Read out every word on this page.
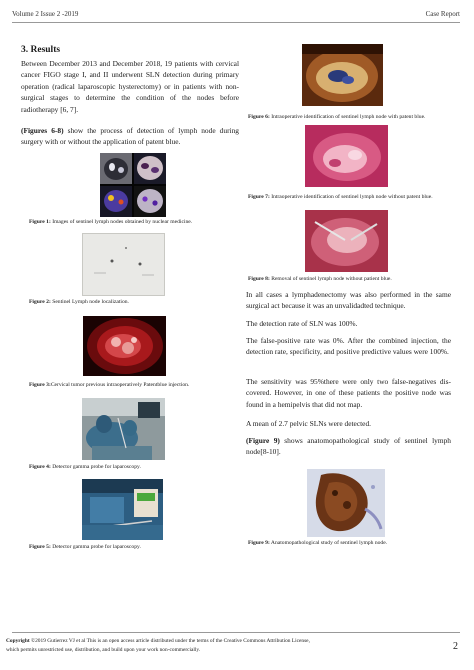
Volume 2 Issue 2 -2019	Case Report
3. Results
Between December 2013 and December 2018, 19 patients with cervical cancer FIGO stage I, and II underwent SLN detection during primary operation (radical laparoscopic hysterectomy) or in patients with non-surgical stages to determine the condition of the nodes before radiotherapy [6, 7].
(Figures 6-8) show the process of detection of lymph node during surgery with or without the application of patent blue.
Figure 1: Images of sentinel lymph nodes obtained by nuclear medicine.
Figure 2: Sentinel Lymph node localization.
Figure 3:Cervical tumor previous intraoperatively Patentblue injection.
Figure 4: Detector gamma probe for laparoscopy.
Figure 5: Detector gamma probe for laparoscopy.
Figure 6: Intraoperative identification of sentinel lymph node with patent blue.
Figure 7: Intraoperative identification of sentinel lymph node without patent blue.
Figure 8: Removal of sentinel lymph node without patient blue.
In all cases a lymphadenectomy was also performed in the same surgical act because it was an unvalidadted technique.
The detection rate of SLN was 100%.
The false-positive rate was 0%. After the combined injection, the detection rate, specificity, and positive predictive values were 100%.
The sensitivity was 95%there were only two false-negatives dis-covered. However, in one of these patients the positive node was found in a hemipelvis that did not map.
A mean of 2.7 pelvic SLNs were detected.
(Figure 9) shows anatomopathological study of sentinel lymph node[8-10].
Figure 9: Anatomopathological study of sentinel lymph node.
Copyright ©2019 Gutierrez VJ et al This is an open access article distributed under the terms of the Creative Commons Attribution License,
which permits unrestricted use, distribution, and build upon your work non-commercially.	2
